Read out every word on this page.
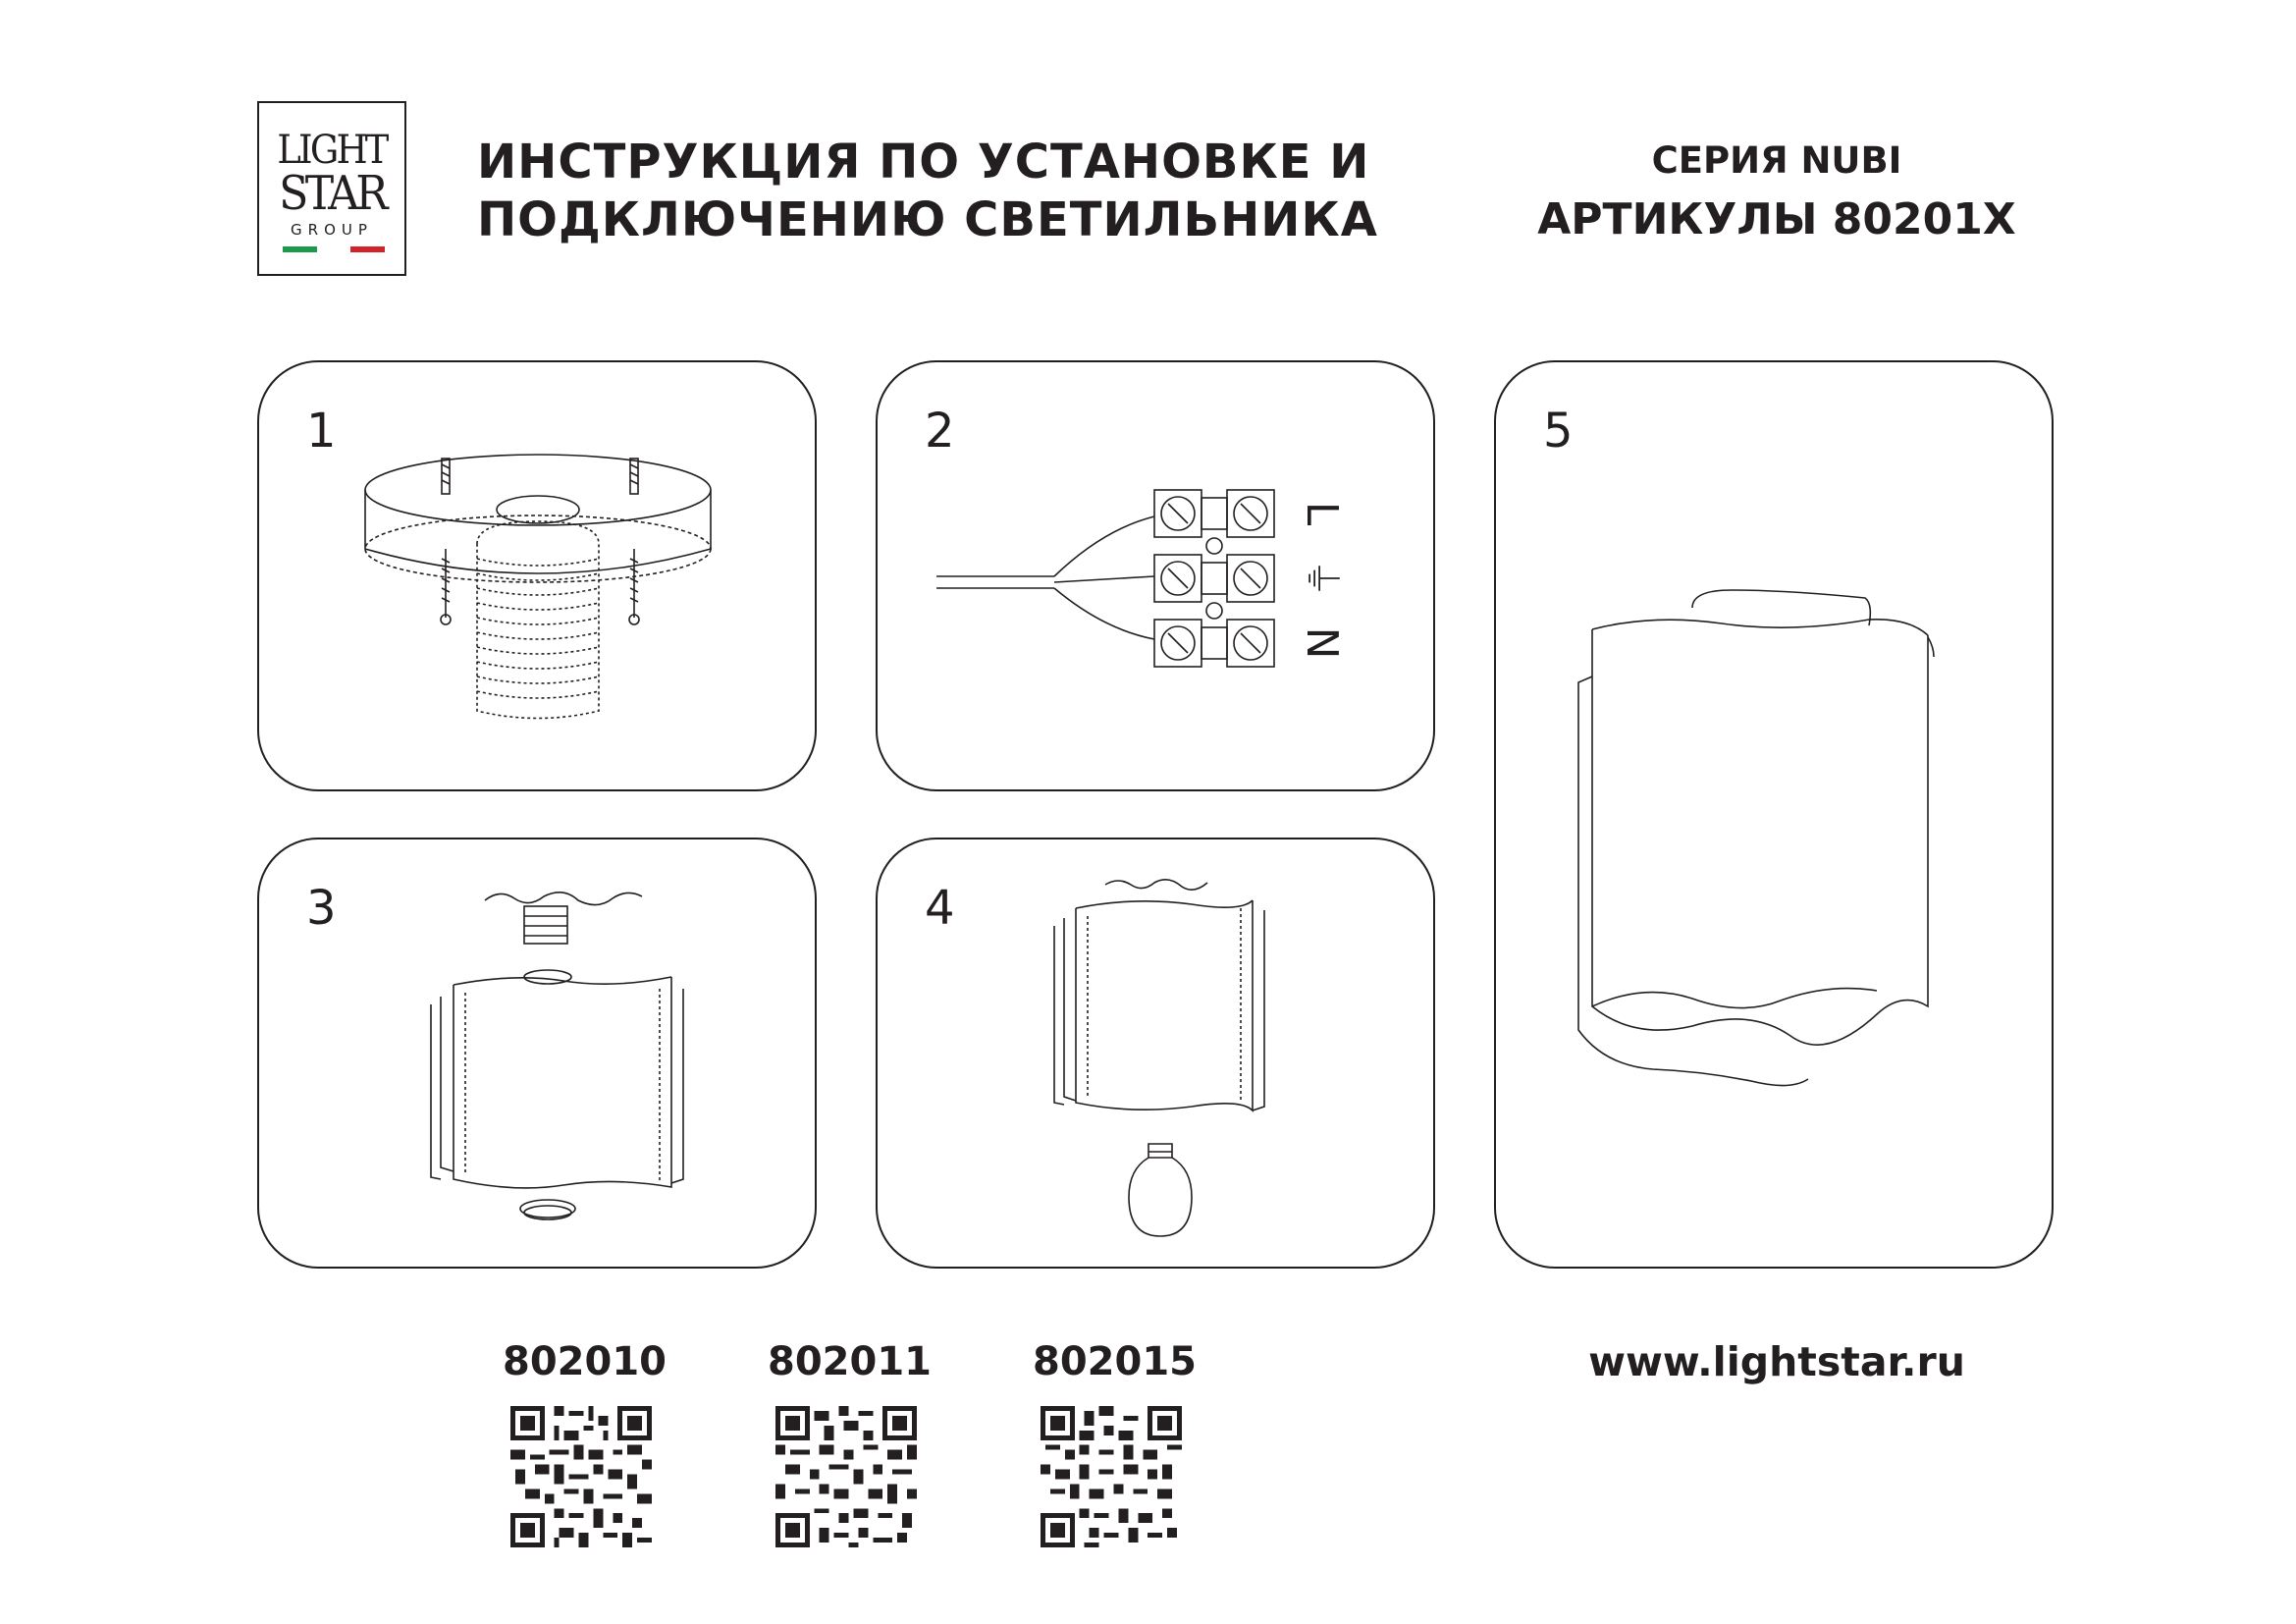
LIGHT
STAR
GROUP
ИНСТРУКЦИЯ ПО УСТАНОВКЕ И
ПОДКЛЮЧЕНИЮ СВЕТИЛЬНИКА
СЕРИЯ NUBI
АРТИКУЛЫ 80201X
1	2
L
⏚
N
3	4
5
802010	802011	802015	www.lightstar.ru
